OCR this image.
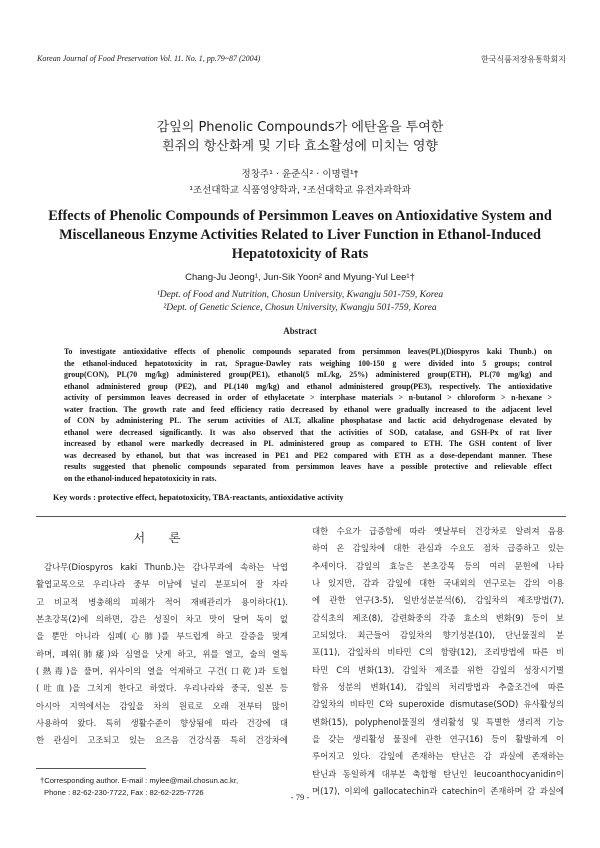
Korean Journal of Food Preservation Vol. 11. No. 1, pp.79~87 (2004)	한국식품저장유통학회지
감잎의 Phenolic Compounds가 에탄올을 투여한
흰쥐의 항산화계 및 기타 효소활성에 미치는 영향
정창주¹ · 윤준식² · 이명렬¹†
¹조선대학교 식품영양학과, ²조선대학교 유전자과학과
Effects of Phenolic Compounds of Persimmon Leaves on Antioxidative System and
Miscellaneous Enzyme Activities Related to Liver Function in Ethanol-Induced
Hepatotoxicity of Rats
Chang-Ju Jeong¹, Jun-Sik Yoon² and Myung-Yul Lee¹†
¹Dept. of Food and Nutrition, Chosun University, Kwangju 501-759, Korea
²Dept. of Genetic Science, Chosun University, Kwangju 501-759, Korea
Abstract
To investigate antioxidative effects of phenolic compounds separated from persimmon leaves(PL)(Diospyros kaki Thunb.) on
the ethanol-induced hepatotoxicity in rat, Sprague-Dawley rats weighing 100-150 g were divided into 5 groups; control
group(CON), PL(70 mg/kg) administered group(PE1), ethanol(5 mL/kg, 25%) administered group(ETH), PL(70 mg/kg) and
ethanol administered group (PE2), and PL(140 mg/kg) and ethanol administered group(PE3), respectively. The antioxidative
activity of persimmon leaves decreased in order of ethylacetate > interphase materials > n-butanol > chloroform > n-hexane >
water fraction. The growth rate and feed efficiency ratio decreased by ethanol were gradually increased to the adjacent level
of CON by administering PL. The serum activities of ALT, alkaline phosphatase and lactic acid dehydrogenase elevated by
ethanol were decreased significantly. It was also observed that the activities of SOD, catalase, and GSH-Px of rat liver
increased by ethanol were markedly decreased in PL administered group as compared to ETH. The GSH content of liver
was decreased by ethanol, but that was increased in PE1 and PE2 compared with ETH as a dose-dependant manner. These
results suggested that phenolic compounds separated from persimmon leaves have a possible protective and relievable effect
on the ethanol-induced hepatotoxicity in rats.
Key words : protective effect, hepatotoxicity, TBA-reactants, antioxidative activity
서 론
감나무(Diospyros kaki Thunb.)는 감나무과에 속하는 낙엽
활엽교목으로 우리나라 중부 이남에 널리 분포되어 잘 자라
고 비교적 병충해의 피해가 적어 재배관리가 용이하다(1).
본초강목(2)에 의하면, 감은 성질이 차고 맛이 달며 독이 없
을 뿐만 아니라 심폐(心肺)를 부드럽게 하고 갈증을 멎게
하며, 폐위(肺痿)와 심열을 낫게 하고, 위를 열고, 술의 열독
(熱毒)을 풀며, 위사이의 열을 억제하고 구건(口乾)과 토혈
(吐血)을 그치게 한다고 하였다. 우리나라와 중국, 일본 등
아시아 지역에서는 감잎을 차의 원료로 오래 전부터 많이
사용하여 왔다. 특히 생활수준이 향상됨에 따라 건강에 대
한 관심이 고조되고 있는 요즈음 건강식품 특히 건강차에
대한 수요가 급증함에 따라 옛날부터 건강차로 알려져 음용
하여 온 감잎차에 대한 관심과 수요도 점차 급증하고 있는
추세이다. 감잎의 효능은 본초강목 등의 여러 문헌에 나타
나 있지만, 감과 감잎에 대한 국내외의 연구로는 감의 이용
에 관한 연구(3-5), 일반성분분석(6), 감잎차의 제조방법(7),
감식초의 제조(8), 감련화중의 각종 효소의 변화(9) 등이 보
고되었다. 최근들어 감잎차의 향기성분(10), 단닌물질의 분
포(11), 감잎차의 비타민 C의 함량(12), 조리방법에 따른 비
타민 C의 변화(13), 감잎차 제조를 위한 감잎의 성장시기별
함유 성분의 변화(14), 감잎의 처리방법과 추출조건에 따른
감잎차의 비타민 C와 superoxide dismutase(SOD) 유사활성의
변화(15), polyphenol물질의 생리활성 및 특별한 생리적 기능
을 갖는 생리활성 물질에 관한 연구(16) 등이 활발하게 이
루어지고 있다. 감잎에 존재하는 탄닌은 감 과실에 존재하는
탄닌과 동일하게 대부분 축합형 탄닌인 leucoanthocyanidin이
며(17), 이외에 gallocatechin과 catechin이 존재하며 감 과실에
†Corresponding author. E-mail : mylee@mail.chosun.ac.kr,
Phone : 82-62-230-7722, Fax : 82-62-225-7726	- 79 -
